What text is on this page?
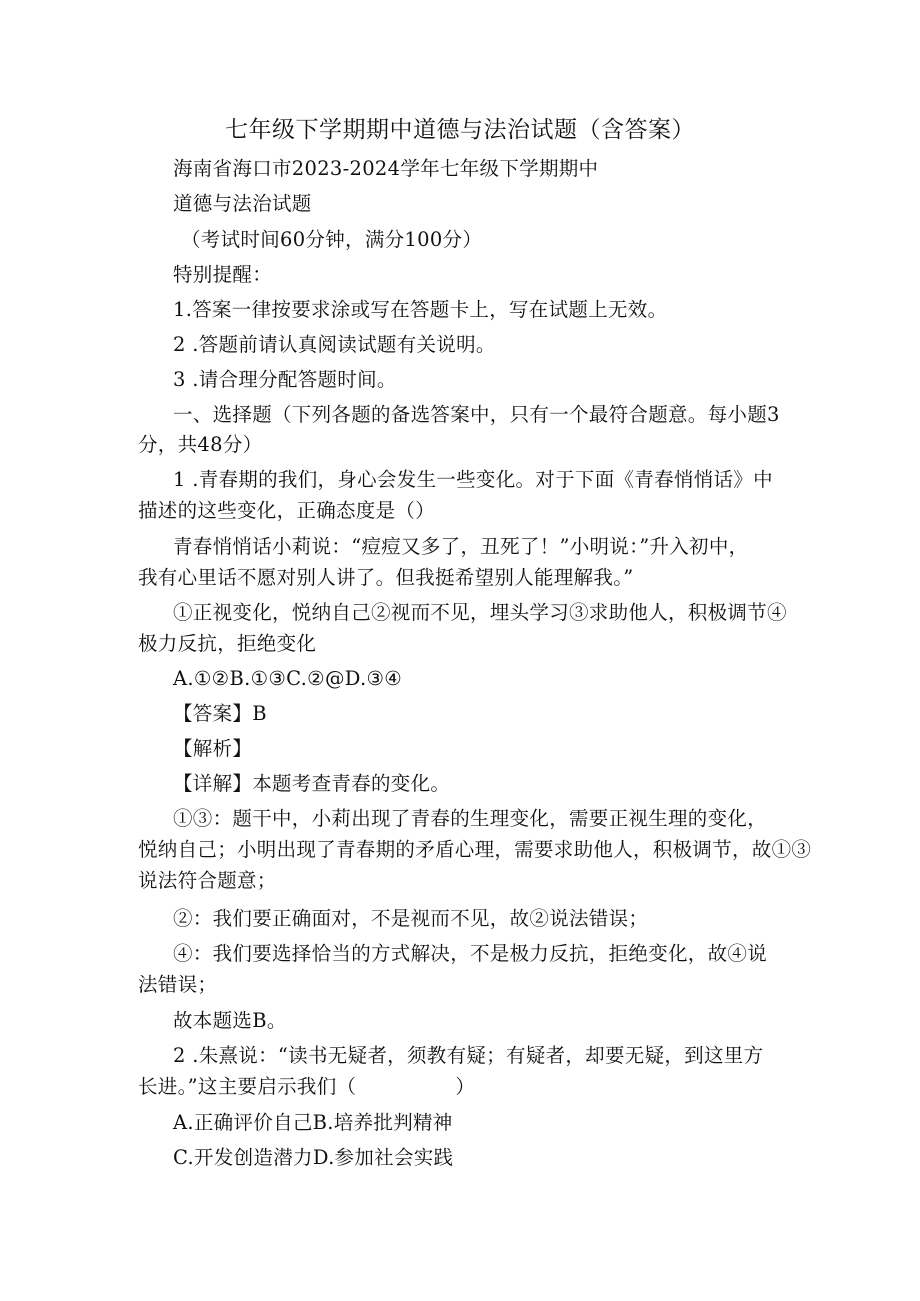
七年级下学期期中道德与法治试题（含答案）
海南省海口市2023-2024学年七年级下学期期中
道德与法治试题
（考试时间60分钟，满分100分）
特别提醒：
1.答案一律按要求涂或写在答题卡上，写在试题上无效。
2 .答题前请认真阅读试题有关说明。
3 .请合理分配答题时间。
一、选择题（下列各题的备选答案中，只有一个最符合题意。每小题3
分，共48分）
1 .青春期的我们，身心会发生一些变化。对于下面《青春悄悄话》中
描述的这些变化，正确态度是（）
青春悄悄话小莉说：“痘痘又多了，丑死了！”小明说：”升入初中，
我有心里话不愿对别人讲了。但我挺希望别人能理解我。”
①正视变化，悦纳自己②视而不见，埋头学习③求助他人，积极调节④
极力反抗，拒绝变化
A.①②B.①③C.②@D.③④
【答案】B
【解析】
【详解】本题考查青春的变化。
①③：题干中，小莉出现了青春的生理变化，需要正视生理的变化，
悦纳自己；小明出现了青春期的矛盾心理，需要求助他人，积极调节，故①③
说法符合题意；
②：我们要正确面对，不是视而不见，故②说法错误；
④：我们要选择恰当的方式解决，不是极力反抗，拒绝变化，故④说
法错误；
故本题选B。
2 .朱熹说：“读书无疑者，须教有疑；有疑者，却要无疑，到这里方
长进。”这主要启示我们（　　　　　）
A.正确评价自己B.培养批判精神
C.开发创造潜力D.参加社会实践
